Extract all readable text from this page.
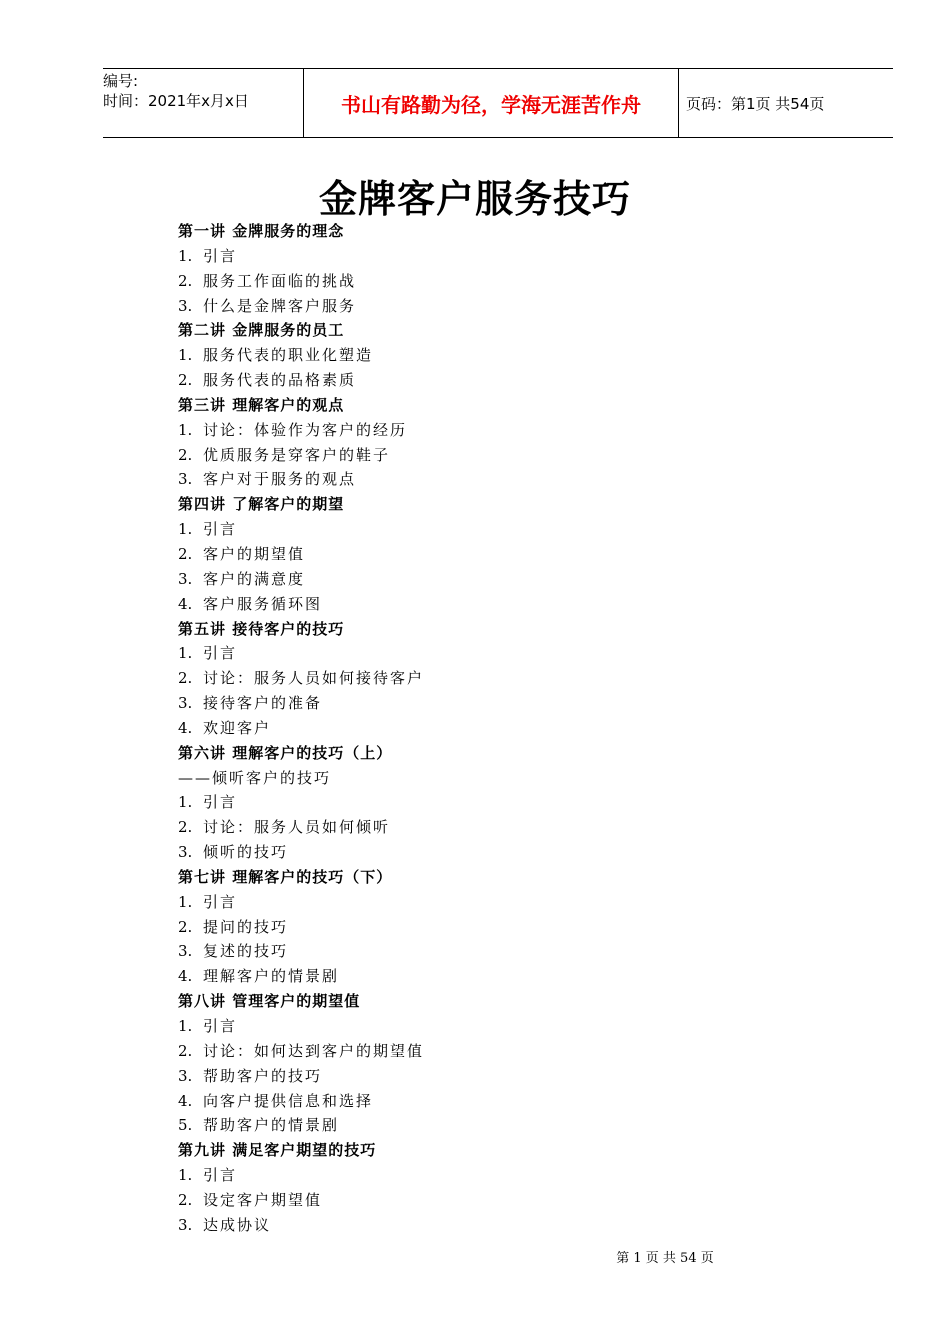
编号:
时间：2021年x月x日	书山有路勤为径，学海无涯苦作舟	页码：第1页 共54页
金牌客户服务技巧
第一讲 金牌服务的理念
1. 引言
2. 服务工作面临的挑战
3. 什么是金牌客户服务
第二讲 金牌服务的员工
1. 服务代表的职业化塑造
2. 服务代表的品格素质
第三讲 理解客户的观点
1. 讨论：体验作为客户的经历
2. 优质服务是穿客户的鞋子
3. 客户对于服务的观点
第四讲 了解客户的期望
1. 引言
2. 客户的期望值
3. 客户的满意度
4. 客户服务循环图
第五讲 接待客户的技巧
1. 引言
2. 讨论：服务人员如何接待客户
3. 接待客户的准备
4. 欢迎客户
第六讲 理解客户的技巧（上）
——倾听客户的技巧
1. 引言
2. 讨论：服务人员如何倾听
3. 倾听的技巧
第七讲 理解客户的技巧（下）
1. 引言
2. 提问的技巧
3. 复述的技巧
4. 理解客户的情景剧
第八讲 管理客户的期望值
1. 引言
2. 讨论：如何达到客户的期望值
3. 帮助客户的技巧
4. 向客户提供信息和选择
5. 帮助客户的情景剧
第九讲 满足客户期望的技巧
1. 引言
2. 设定客户期望值
3. 达成协议
第 1 页 共 54 页
